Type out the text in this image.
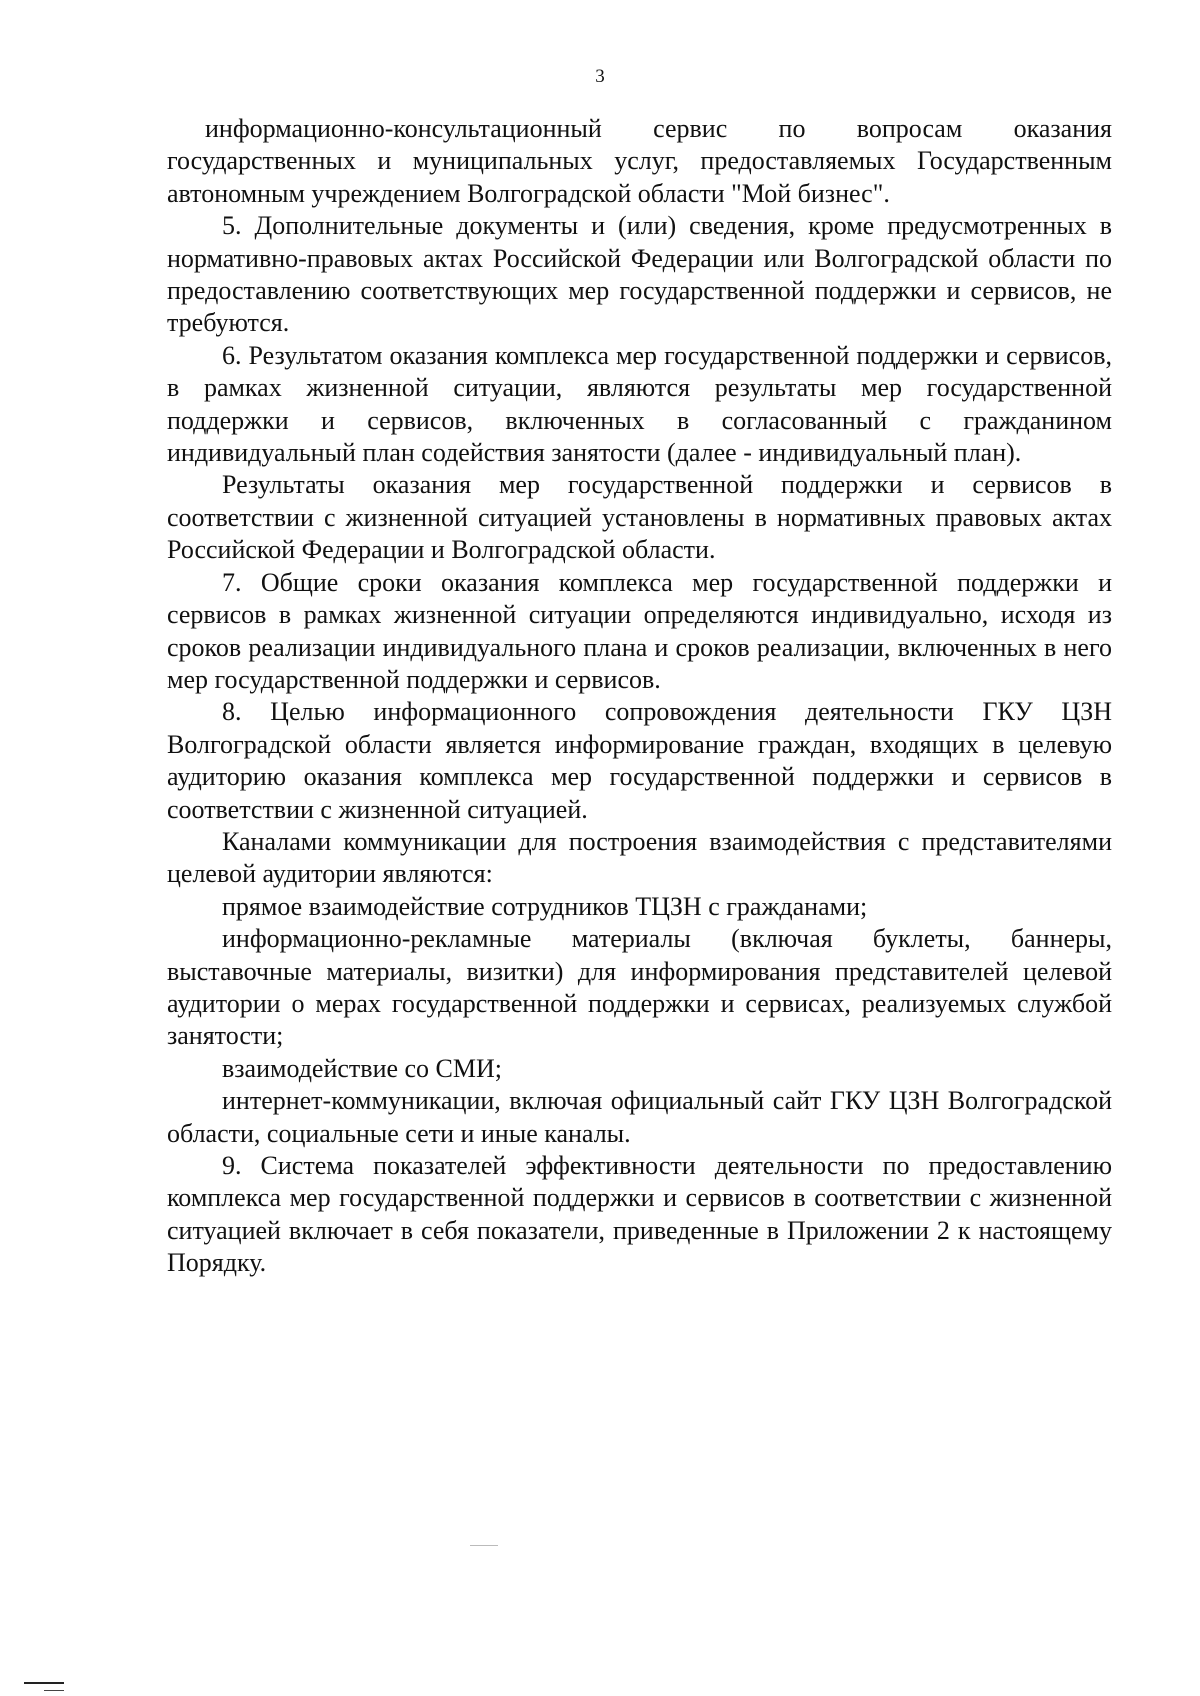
3

информационно-консультационный сервис по вопросам оказания государственных и муниципальных услуг, предоставляемых Государственным автономным учреждением Волгоградской области "Мой бизнес".

5. Дополнительные документы и (или) сведения, кроме предусмотренных в нормативно-правовых актах Российской Федерации или Волгоградской области по предоставлению соответствующих мер государственной поддержки и сервисов, не требуются.

6. Результатом оказания комплекса мер государственной поддержки и сервисов, в рамках жизненной ситуации, являются результаты мер государственной поддержки и сервисов, включенных в согласованный с гражданином индивидуальный план содействия занятости (далее - индивидуальный план).

Результаты оказания мер государственной поддержки и сервисов в соответствии с жизненной ситуацией установлены в нормативных правовых актах Российской Федерации и Волгоградской области.

7. Общие сроки оказания комплекса мер государственной поддержки и сервисов в рамках жизненной ситуации определяются индивидуально, исходя из сроков реализации индивидуального плана и сроков реализации, включенных в него мер государственной поддержки и сервисов.

8. Целью информационного сопровождения деятельности ГКУ ЦЗН Волгоградской области является информирование граждан, входящих в целевую аудиторию оказания комплекса мер государственной поддержки и сервисов в соответствии с жизненной ситуацией.

Каналами коммуникации для построения взаимодействия с представителями целевой аудитории являются:

прямое взаимодействие сотрудников ТЦЗН с гражданами;

информационно-рекламные материалы (включая буклеты, баннеры, выставочные материалы, визитки) для информирования представителей целевой аудитории о мерах государственной поддержки и сервисах, реализуемых службой занятости;

взаимодействие со СМИ;

интернет-коммуникации, включая официальный сайт ГКУ ЦЗН Волгоградской области, социальные сети и иные каналы.

9. Система показателей эффективности деятельности по предоставлению комплекса мер государственной поддержки и сервисов в соответствии с жизненной ситуацией включает в себя показатели, приведенные в Приложении 2 к настоящему Порядку.
